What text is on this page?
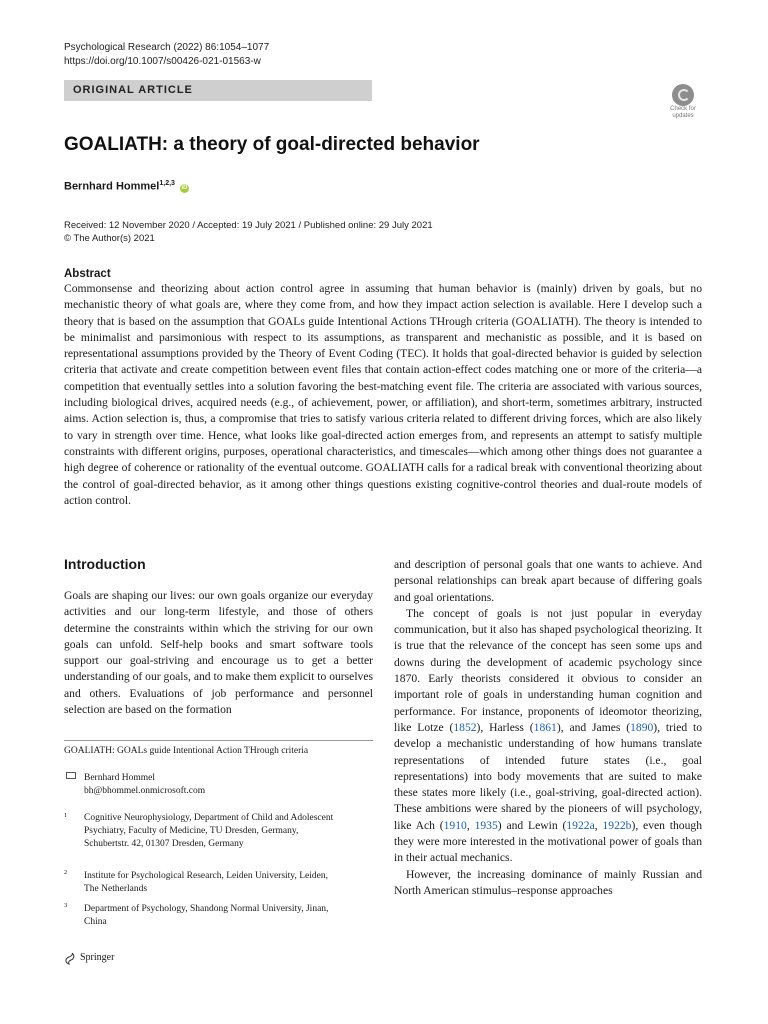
Psychological Research (2022) 86:1054–1077
https://doi.org/10.1007/s00426-021-01563-w
ORIGINAL ARTICLE
Check for
updates
GOALIATH: a theory of goal-directed behavior
Bernhard Hommel$^{1,2,3}$ iD
Received: 12 November 2020 / Accepted: 19 July 2021 / Published online: 29 July 2021
© The Author(s) 2021
Abstract
Commonsense and theorizing about action control agree in assuming that human behavior is (mainly) driven by goals, but no mechanistic theory of what goals are, where they come from, and how they impact action selection is available. Here I develop such a theory that is based on the assumption that GOALs guide Intentional Actions THrough criteria (GOALIATH). The theory is intended to be minimalist and parsimonious with respect to its assumptions, as transparent and mechanistic as possible, and it is based on representational assumptions provided by the Theory of Event Coding (TEC). It holds that goal-directed behavior is guided by selection criteria that activate and create competition between event files that contain action-effect codes matching one or more of the criteria—a competition that eventually settles into a solution favoring the best-matching event file. The criteria are associated with various sources, including biological drives, acquired needs (e.g., of achievement, power, or affiliation), and short-term, sometimes arbitrary, instructed aims. Action selection is, thus, a compromise that tries to satisfy various criteria related to different driving forces, which are also likely to vary in strength over time. Hence, what looks like goal-directed action emerges from, and represents an attempt to satisfy multiple constraints with different origins, purposes, operational characteristics, and timescales—which among other things does not guarantee a high degree of coherence or rationality of the eventual outcome. GOALIATH calls for a radical break with conventional theorizing about the control of goal-directed behavior, as it among other things questions existing cognitive-control theories and dual-route models of action control.
Introduction

Goals are shaping our lives: our own goals organize our everyday activities and our long-term lifestyle, and those of others determine the constraints within which the striving for our own goals can unfold. Self-help books and smart software tools support our goal-striving and encourage us to get a better understanding of our goals, and to make them explicit to ourselves and others. Evaluations of job performance and personnel selection are based on the formation

and description of personal goals that one wants to achieve. And personal relationships can break apart because of differing goals and goal orientations.

The concept of goals is not just popular in everyday communication, but it also has shaped psychological theorizing. It is true that the relevance of the concept has seen some ups and downs during the development of academic psychology since 1870. Early theorists considered it obvious to consider an important role of goals in understanding human cognition and performance. For instance, proponents of ideomotor theorizing, like Lotze (1852), Harless (1861), and James (1890), tried to develop a mechanistic understanding of how humans translate representations of intended future states (i.e., goal representations) into body movements that are suited to make these states more likely (i.e., goal-striving, goal-directed action). These ambitions were shared by the pioneers of will psychology, like Ach (1910, 1935) and Lewin (1922a, 1922b), even though they were more interested in the motivational power of goals than in their actual mechanics.

However, the increasing dominance of mainly Russian and North American stimulus–response approaches

GOALIATH: GOALs guide Intentional Action THrough criteria
Bernhard Hommel
bh@bhommel.onmicrosoft.com
1 Cognitive Neurophysiology, Department of Child and Adolescent Psychiatry, Faculty of Medicine, TU Dresden, Germany, Schubertstr. 42, 01307 Dresden, Germany
2 Institute for Psychological Research, Leiden University, Leiden, The Netherlands
3 Department of Psychology, Shandong Normal University, Jinan, China
Springer
